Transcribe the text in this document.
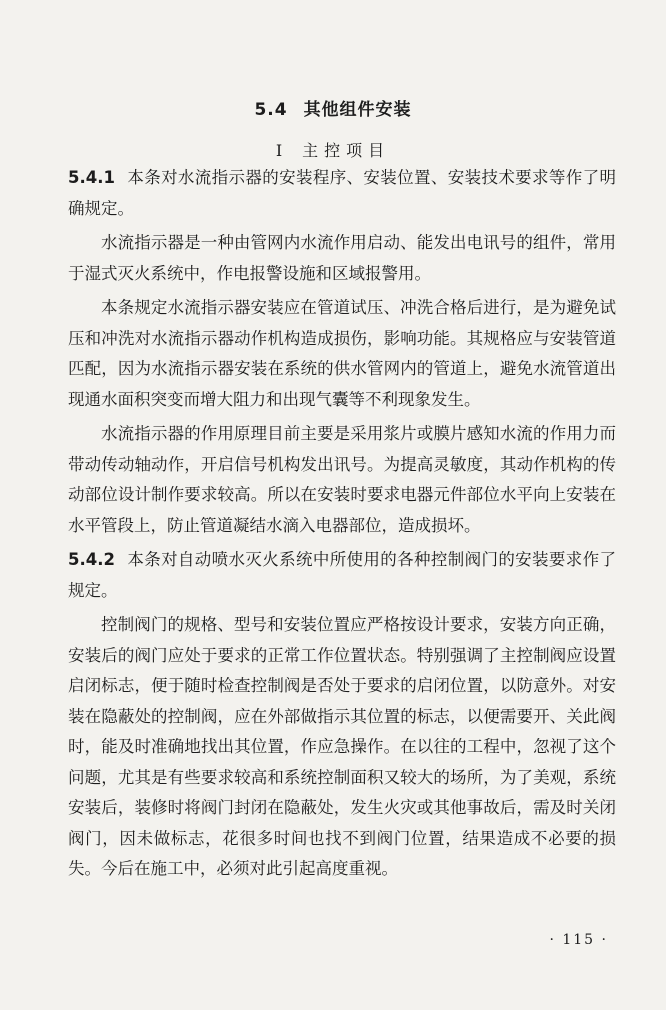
5.4 其他组件安装
Ⅰ 主控项目

5.4.1 本条对水流指示器的安装程序、安装位置、安装技术要求等作了明确规定。

水流指示器是一种由管网内水流作用启动、能发出电讯号的组件，常用于湿式灭火系统中，作电报警设施和区域报警用。

本条规定水流指示器安装应在管道试压、冲洗合格后进行，是为避免试压和冲洗对水流指示器动作机构造成损伤，影响功能。其规格应与安装管道匹配，因为水流指示器安装在系统的供水管网内的管道上，避免水流管道出现通水面积突变而增大阻力和出现气囊等不利现象发生。

水流指示器的作用原理目前主要是采用浆片或膜片感知水流的作用力而带动传动轴动作，开启信号机构发出讯号。为提高灵敏度，其动作机构的传动部位设计制作要求较高。所以在安装时要求电器元件部位水平向上安装在水平管段上，防止管道凝结水滴入电器部位，造成损坏。

5.4.2 本条对自动喷水灭火系统中所使用的各种控制阀门的安装要求作了规定。

控制阀门的规格、型号和安装位置应严格按设计要求，安装方向正确，安装后的阀门应处于要求的正常工作位置状态。特别强调了主控制阀应设置启闭标志，便于随时检查控制阀是否处于要求的启闭位置，以防意外。对安装在隐蔽处的控制阀，应在外部做指示其位置的标志，以便需要开、关此阀时，能及时准确地找出其位置，作应急操作。在以往的工程中，忽视了这个问题，尤其是有些要求较高和系统控制面积又较大的场所，为了美观，系统安装后，装修时将阀门封闭在隐蔽处，发生火灾或其他事故后，需及时关闭阀门，因未做标志，花很多时间也找不到阀门位置，结果造成不必要的损失。今后在施工中，必须对此引起高度重视。

· 115 ·
